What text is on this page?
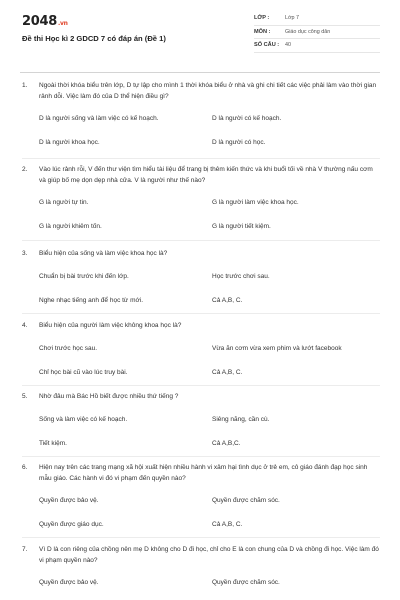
2048.vn
Đề thi Học kì 2 GDCD 7 có đáp án (Đề 1)
LỚP :	Lớp 7
MÔN :	Giáo dục công dân
SỐ CÂU :	40
1.	Ngoài thời khóa biểu trên lớp, D tự lập cho mình 1 thời khóa biểu ở nhà và ghi chi tiết các việc phải làm vào thời gian rảnh dỗi. Việc làm đó của D thể hiện điều gì?
D là người sống và làm việc có kế hoạch.	D là người có kế hoạch.
D là người khoa học.	D là người có học.
2.	Vào lúc rảnh rỗi, V đến thư viện tìm hiểu tài liệu để trang bị thêm kiến thức và khi buổi tối về nhà V thường nấu cơm và giúp bố mẹ dọn dẹp nhà cửa. V là người như thế nào?
G là người tự tin.	G là người làm việc khoa học.
G là người khiêm tốn.	G là người tiết kiệm.
3.	Biểu hiện của sống và làm việc khoa học là?
Chuẩn bị bài trước khi đến lớp.	Học trước chơi sau.
Nghe nhạc tiếng anh để học từ mới.	Cả A,B, C.
4.	Biểu hiện của người làm việc không khoa học là?
Chơi trước học sau.	Vừa ăn cơm vừa xem phim và lướt facebook
Chỉ học bài cũ vào lúc truy bài.	Cả A,B, C.
5.	Nhờ đâu mà Bác Hồ biết được nhiều thứ tiếng ?
Sống và làm việc có kế hoạch.	Siêng năng, cần cù.
Tiết kiệm.	Cả A,B,C.
6.	Hiện nay trên các trang mạng xã hội xuất hiện nhiều hành vi xâm hại tình dục ở trẻ em, cô giáo đánh đạp học sinh mẫu giáo. Các hành vi đó vi phạm đến quyền nào?
Quyền được bảo vệ.	Quyền được chăm sóc.
Quyền được giáo dục.	Cả A,B, C.
7.	Vì D là con riêng của chồng nên mẹ D không cho D đi học, chỉ cho E là con chung của D và chồng đi học. Việc làm đó vi phạm quyền nào?
Quyền được bảo vệ.	Quyền được chăm sóc.
